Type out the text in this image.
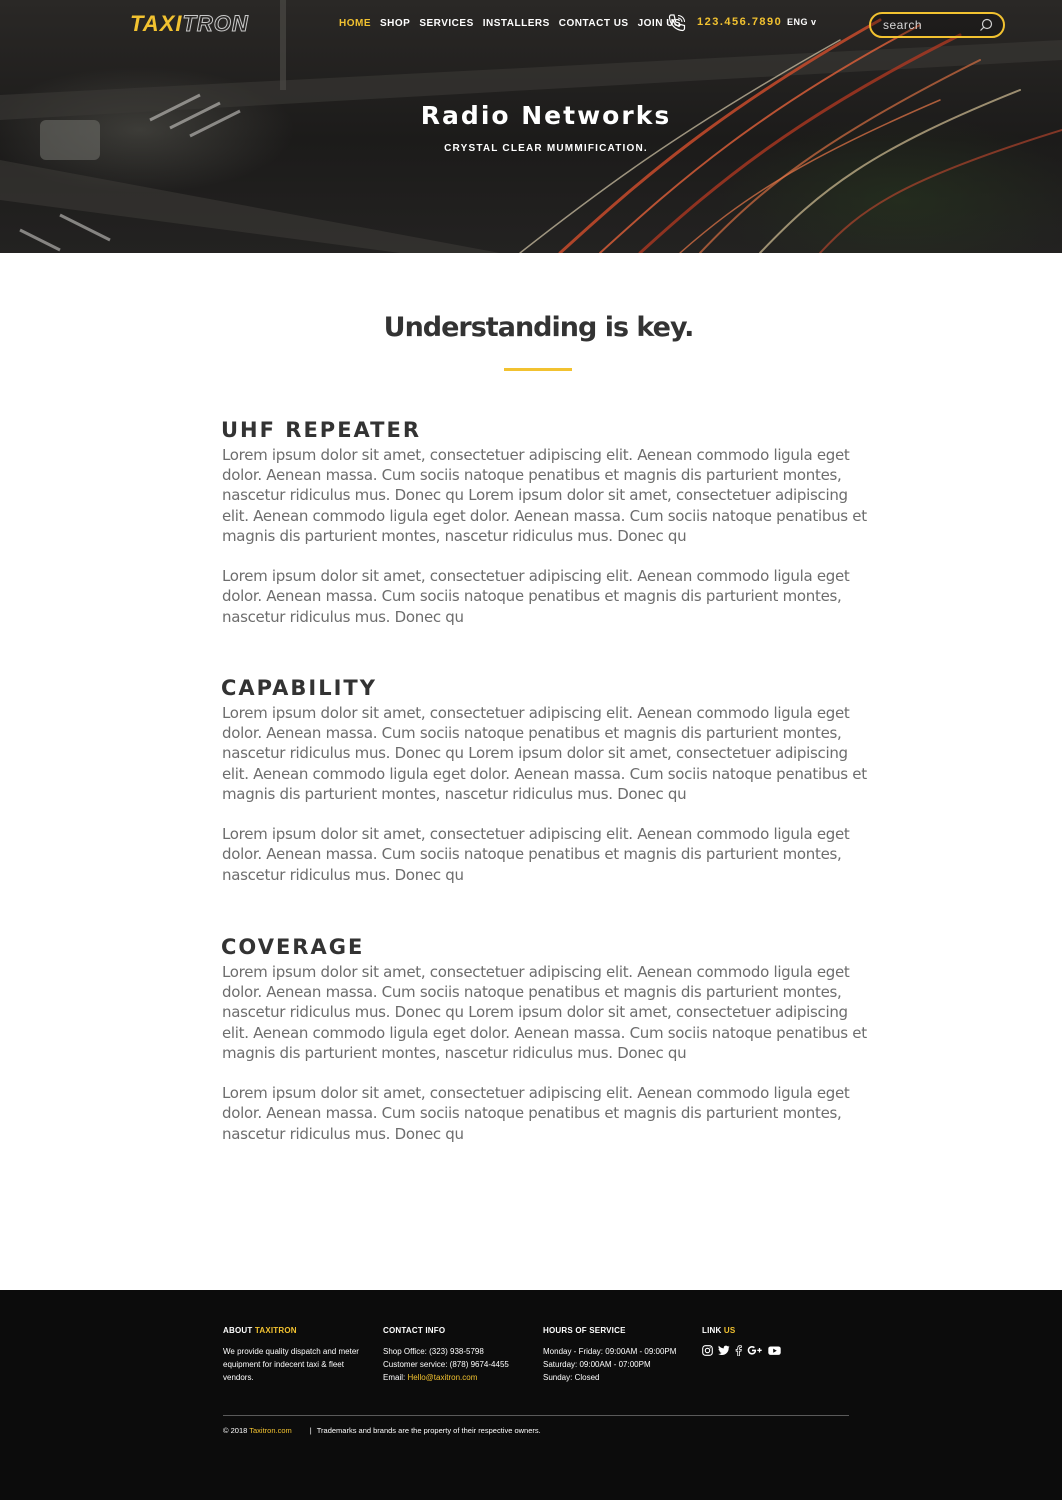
TAXITRON	HOME SHOP SERVICES INSTALLERS CONTACT US JOIN US 123.456.7890 ENG v
search
Radio Networks
CRYSTAL CLEAR MUMMIFICATION.
Understanding is key.
UHF REPEATER

Lorem ipsum dolor sit amet, consectetuer adipiscing elit. Aenean commodo ligula eget dolor. Aenean massa. Cum sociis natoque penatibus et magnis dis parturient montes, nascetur ridiculus mus. Donec qu Lorem ipsum dolor sit amet, consectetuer adipiscing elit. Aenean commodo ligula eget dolor. Aenean massa. Cum sociis natoque penatibus et magnis dis parturient montes, nascetur ridiculus mus. Donec qu

Lorem ipsum dolor sit amet, consectetuer adipiscing elit. Aenean commodo ligula eget dolor. Aenean massa. Cum sociis natoque penatibus et magnis dis parturient montes, nascetur ridiculus mus. Donec qu

CAPABILITY

Lorem ipsum dolor sit amet, consectetuer adipiscing elit. Aenean commodo ligula eget dolor. Aenean massa. Cum sociis natoque penatibus et magnis dis parturient montes, nascetur ridiculus mus. Donec qu Lorem ipsum dolor sit amet, consectetuer adipiscing elit. Aenean commodo ligula eget dolor. Aenean massa. Cum sociis natoque penatibus et magnis dis parturient montes, nascetur ridiculus mus. Donec qu

Lorem ipsum dolor sit amet, consectetuer adipiscing elit. Aenean commodo ligula eget dolor. Aenean massa. Cum sociis natoque penatibus et magnis dis parturient montes, nascetur ridiculus mus. Donec qu

COVERAGE

Lorem ipsum dolor sit amet, consectetuer adipiscing elit. Aenean commodo ligula eget dolor. Aenean massa. Cum sociis natoque penatibus et magnis dis parturient montes, nascetur ridiculus mus. Donec qu Lorem ipsum dolor sit amet, consectetuer adipiscing elit. Aenean commodo ligula eget dolor. Aenean massa. Cum sociis natoque penatibus et magnis dis parturient montes, nascetur ridiculus mus. Donec qu

Lorem ipsum dolor sit amet, consectetuer adipiscing elit. Aenean commodo ligula eget dolor. Aenean massa. Cum sociis natoque penatibus et magnis dis parturient montes, nascetur ridiculus mus. Donec qu

ABOUT TAXITRON
We provide quality dispatch and meter
equipment for indecent taxi & fleet
vendors.
CONTACT INFO
Shop Office: (323) 938-5798
Customer service: (878) 9674-4455
Email: Hello@taxitron.com
HOURS OF SERVICE
Monday - Friday: 09:00AM - 09:00PM
Saturday: 09:00AM - 07:00PM
Sunday: Closed
LINK US
© 2018 Taxitron.com | Trademarks and brands are the property of their respective owners.
